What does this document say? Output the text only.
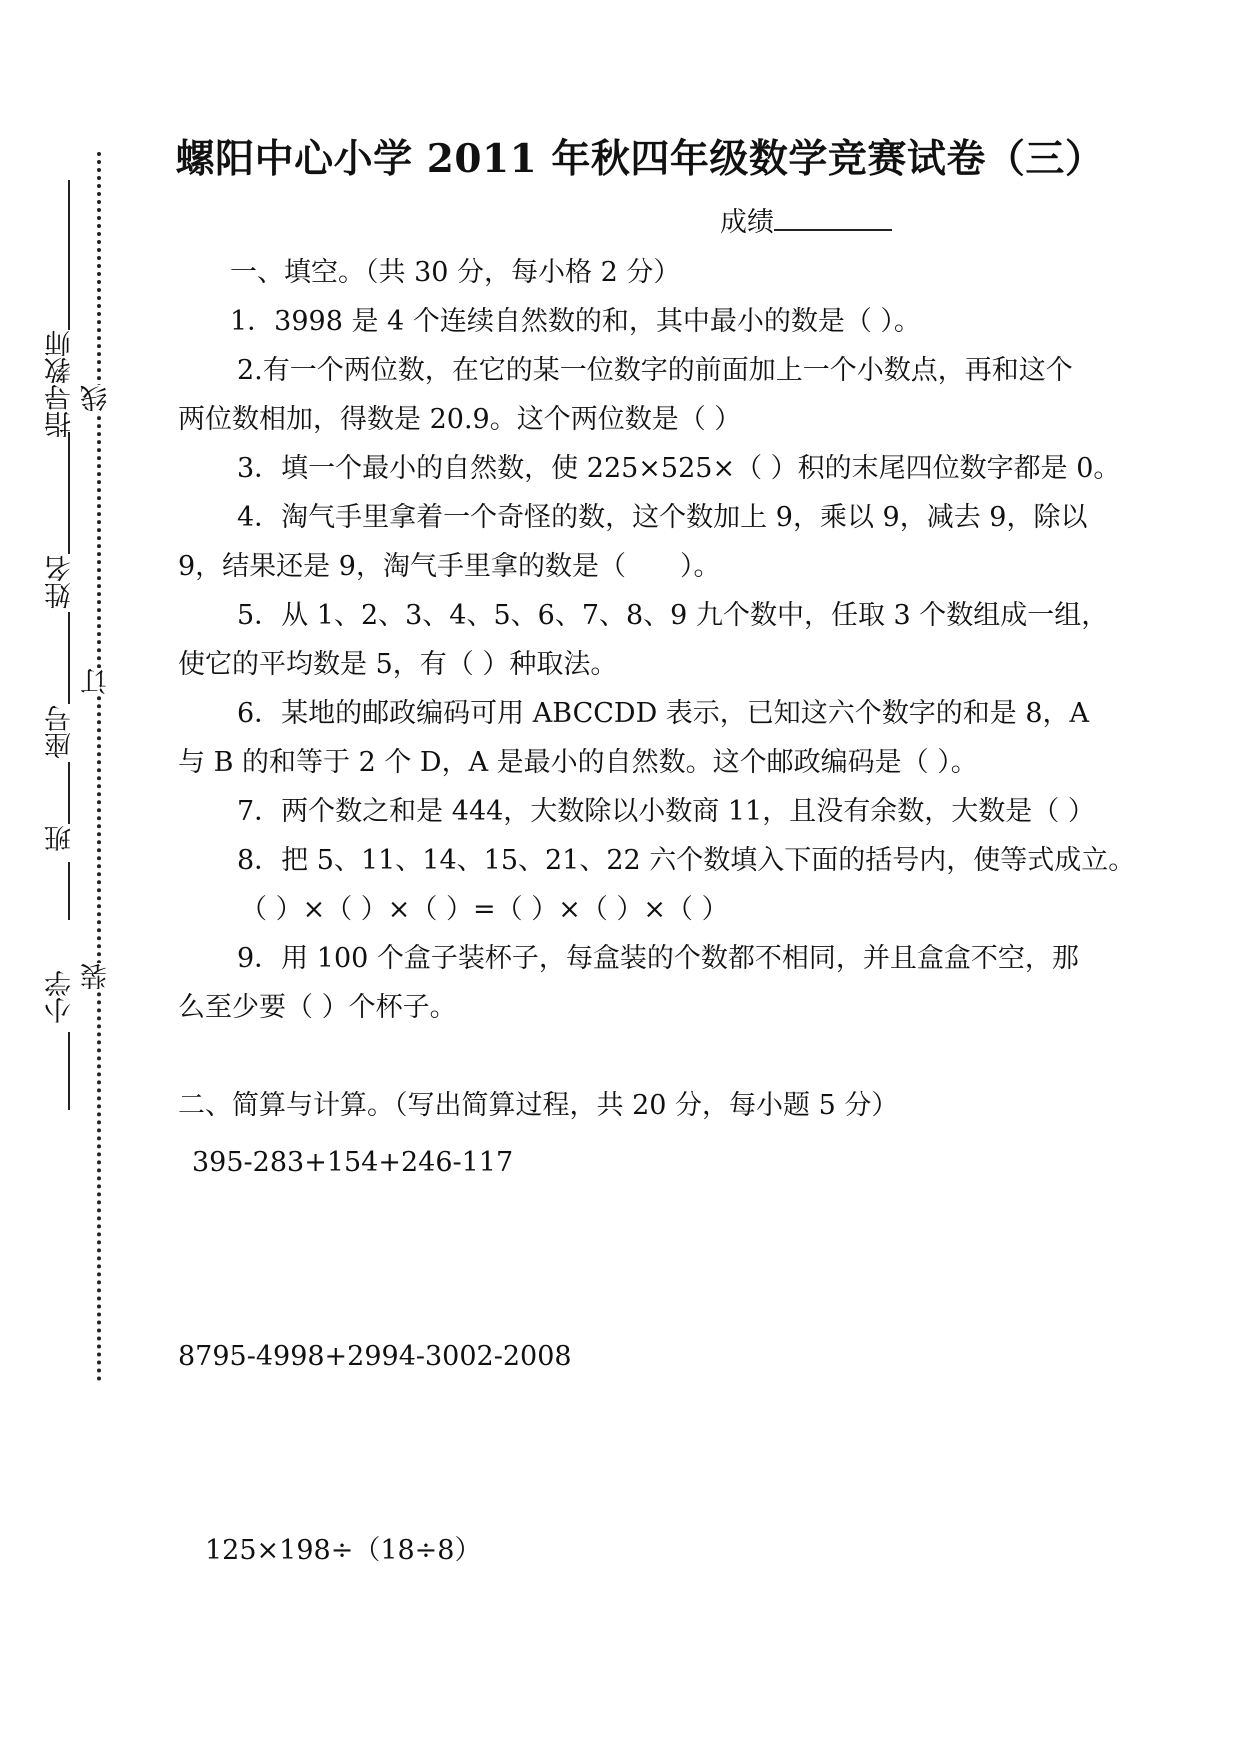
线
订
装
指导教师
姓名
座号
班
小学
螺阳中心小学 2011 年秋四年级数学竞赛试卷（三）
成绩
一、填空。（共 30 分，每小格 2 分）
1．3998 是 4 个连续自然数的和，其中最小的数是（ ）。
2.有一个两位数，在它的某一位数字的前面加上一个小数点，再和这个
两位数相加，得数是 20.9。这个两位数是（ ）
3．填一个最小的自然数，使 225×525×（ ）积的末尾四位数字都是 0。
4．淘气手里拿着一个奇怪的数，这个数加上 9，乘以 9，减去 9，除以
9，结果还是 9，淘气手里拿的数是（　　）。
5．从 1、2、3、4、5、6、7、8、9 九个数中，任取 3 个数组成一组，
使它的平均数是 5，有（ ）种取法。
6．某地的邮政编码可用 ABCCDD 表示，已知这六个数字的和是 8，A
与 B 的和等于 2 个 D，A 是最小的自然数。这个邮政编码是（ ）。
7．两个数之和是 444，大数除以小数商 11，且没有余数，大数是（ ）
8．把 5、11、14、15、21、22 六个数填入下面的括号内，使等式成立。
（ ）×（ ）×（ ）=（ ）×（ ）×（ ）
9．用 100 个盒子装杯子，每盒装的个数都不相同，并且盒盒不空，那
么至少要（ ）个杯子。
二、简算与计算。（写出简算过程，共 20 分，每小题 5 分）
395-283+154+246-117
8795-4998+2994-3002-2008
125×198÷（18÷8）
